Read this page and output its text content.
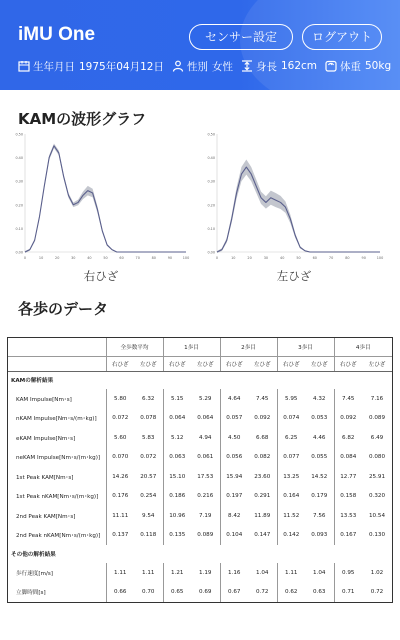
iMU One	センサー設定	ログアウト
生年月日 1975年04月12日 性別 女性 身長 162cm 体重 50kg
KAMの波形グラフ
0.00
0.10
0.20
0.30
0.40
0.50
0	10	20	30	40	50	60	70	80	90	100
右ひざ
0.00
0.10
0.20
0.30
0.40
0.50
0	10	20	30	40	50	60	70	80	90	100
左ひざ
各歩のデータ
	全歩数平均		1歩目		2歩目		3歩目		4歩目	
	右ひざ	左ひざ	右ひざ	左ひざ	右ひざ	左ひざ	右ひざ	左ひざ	右ひざ	左ひざ
KAMの解析結果										
KAM Impulse[Nm･s]	5.80	6.32	5.15	5.29	4.64	7.45	5.95	4.32	7.45	7.16
nKAM Impulse[Nm･s/(m･kg)]	0.072	0.078	0.064	0.064	0.057	0.092	0.074	0.053	0.092	0.089
eKAM Impulse[Nm･s]	5.60	5.83	5.12	4.94	4.50	6.68	6.25	4.46	6.82	6.49
neKAM Impulse[Nm･s/(m･kg)]	0.070	0.072	0.063	0.061	0.056	0.082	0.077	0.055	0.084	0.080
1st Peak KAM[Nm･s]	14.26	20.57	15.10	17.53	15.94	23.60	13.25	14.52	12.77	25.91
1st Peak nKAM[Nm･s/(m･kg)]	0.176	0.254	0.186	0.216	0.197	0.291	0.164	0.179	0.158	0.320
2nd Peak KAM[Nm･s]	11.11	9.54	10.96	7.19	8.42	11.89	11.52	7.56	13.53	10.54
2nd Peak nKAM[Nm･s/(m･kg)]	0.137	0.118	0.135	0.089	0.104	0.147	0.142	0.093	0.167	0.130
その他の解析結果										
歩行速度[m/s]	1.11	1.11	1.21	1.19	1.16	1.04	1.11	1.04	0.95	1.02
立脚時間[s]	0.66	0.70	0.65	0.69	0.67	0.72	0.62	0.63	0.71	0.72
